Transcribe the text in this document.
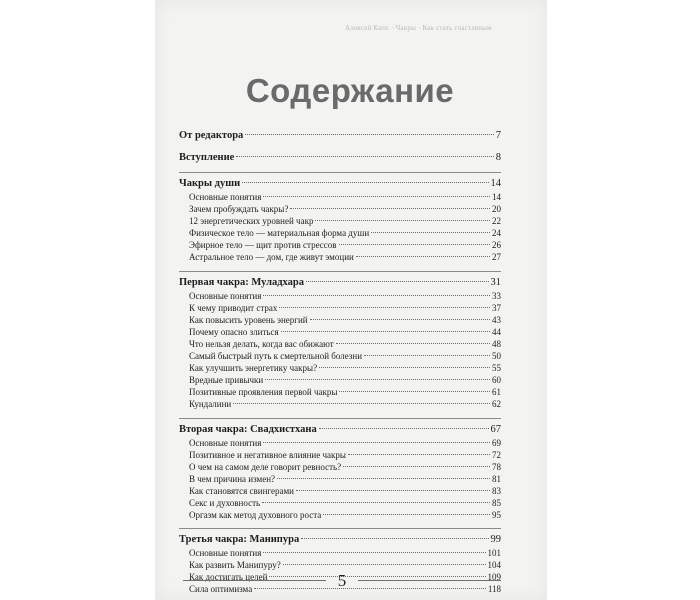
Алексей Кипс · Чакры · Как стать счастливым
Содержание
От редактора	7
Вступление	8
Чакры души	14
Основные понятия	14
Зачем пробуждать чакры?	20
12 энергетических уровней чакр	22
Физическое тело — материальная форма души	24
Эфирное тело — щит против стрессов	26
Астральное тело — дом, где живут эмоции	27
Первая чакра: Муладхара	31
Основные понятия	33
К чему приводит страх	37
Как повысить уровень энергий	43
Почему опасно злиться	44
Что нельзя делать, когда вас обижают	48
Самый быстрый путь к смертельной болезни	50
Как улучшить энергетику чакры?	55
Вредные привычки	60
Позитивные проявления первой чакры	61
Кундалини	62
Вторая чакра: Свадхистхана	67
Основные понятия	69
Позитивное и негативное влияние чакры	72
О чем на самом деле говорит ревность?	78
В чем причина измен?	81
Как становятся свингерами	83
Секс и духовность	85
Оргазм как метод духовного роста	95
Третья чакра: Манипура	99
Основные понятия	101
Как развить Манипуру?	104
Как достигать целей	109
Сила оптимизма	118
5
